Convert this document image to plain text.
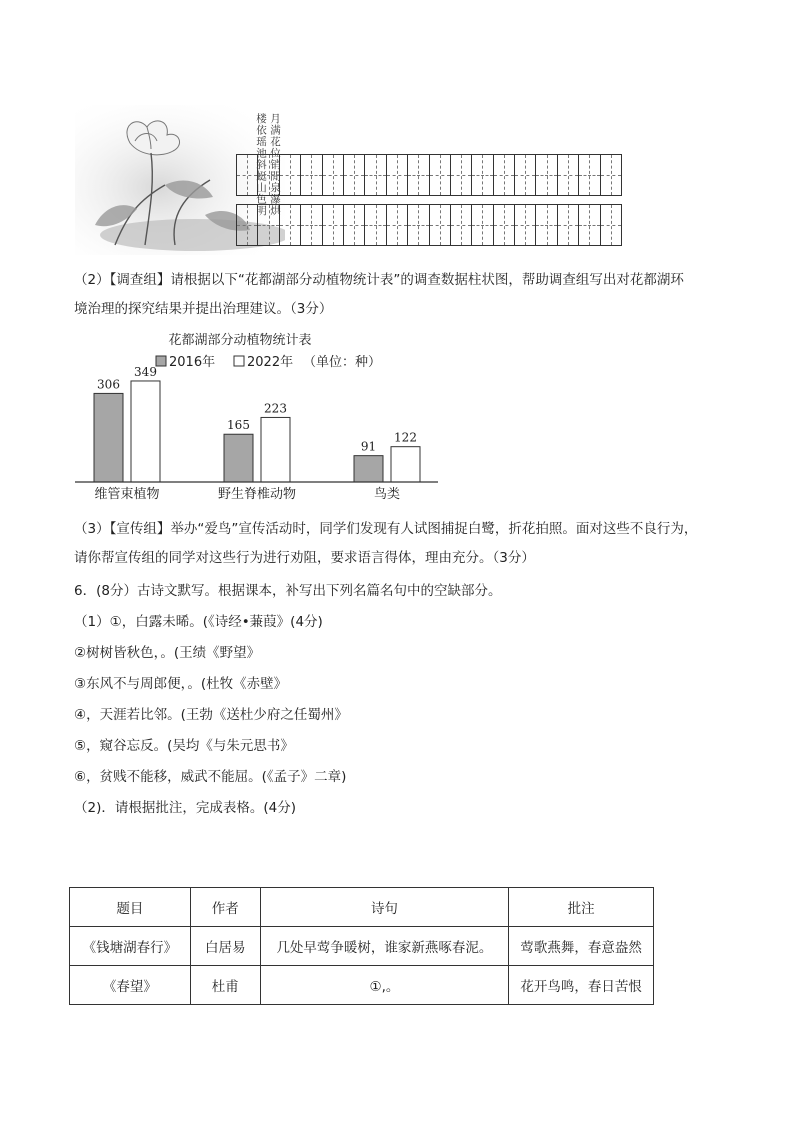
月满花位销閒泉瀑烘
楼依瑶池斜蜓山色明
（2）【调查组】请根据以下“花都湖部分动植物统计表”的调查数据柱状图，帮助调查组写出对花都湖环
境治理的探究结果并提出治理建议。（3分）
花都湖部分动植物统计表
2016年 2022年 （单位：种）
306
349
维管束植物
165
223
野生脊椎动物
91
122
鸟类
（3）【宣传组】举办“爱鸟”宣传活动时，同学们发现有人试图捕捉白鹭，折花拍照。面对这些不良行为，
请你帮宣传组的同学对这些行为进行劝阻，要求语言得体，理由充分。（3分）
6．(8分）古诗文默写。根据课本，补写出下列名篇名句中的空缺部分。
（1）①，白露未晞。(《诗经•蒹葭》(4分)
②树树皆秋色，。(王绩《野望》
③东风不与周郎便，。(杜牧《赤壁》
④，天涯若比邻。(王勃《送杜少府之任蜀州》
⑤，窥谷忘反。(吴均《与朱元思书》
⑥，贫贱不能移，威武不能屈。(《孟子》二章)
（2)．请根据批注，完成表格。(4分)
题目	作者	诗句	批注
《钱塘湖春行》	白居易	几处早莺争暖树，谁家新燕啄春泥。	莺歌燕舞，春意盎然
《春望》	杜甫	①,。	花开鸟鸣，春日苦恨
